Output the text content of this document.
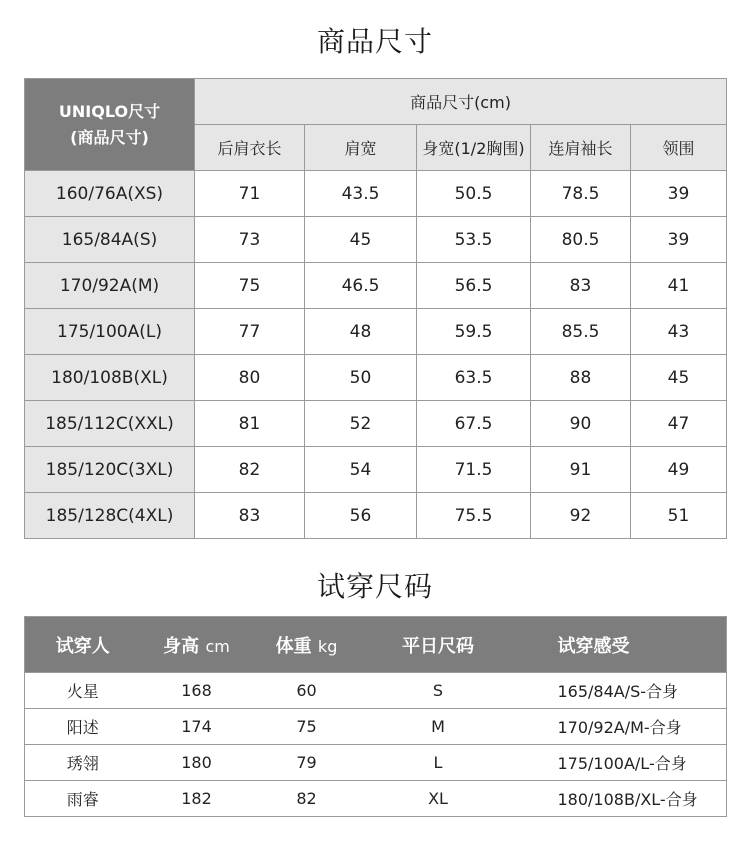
商品尺寸
UNIQLO尺寸
(商品尺寸)	商品尺寸(cm)				
	后肩衣长	肩宽	身宽(1/2胸围)	连肩袖长	领围
160/76A(XS)	71	43.5	50.5	78.5	39
165/84A(S)	73	45	53.5	80.5	39
170/92A(M)	75	46.5	56.5	83	41
175/100A(L)	77	48	59.5	85.5	43
180/108B(XL)	80	50	63.5	88	45
185/112C(XXL)	81	52	67.5	90	47
185/120C(3XL)	82	54	71.5	91	49
185/128C(4XL)	83	56	75.5	92	51
试穿尺码
试穿人	身高 cm	体重 kg	平日尺码	试穿感受
火星	168	60	S	165/84A/S-合身
阳述	174	75	M	170/92A/M-合身
琇翎	180	79	L	175/100A/L-合身
雨睿	182	82	XL	180/108B/XL-合身
